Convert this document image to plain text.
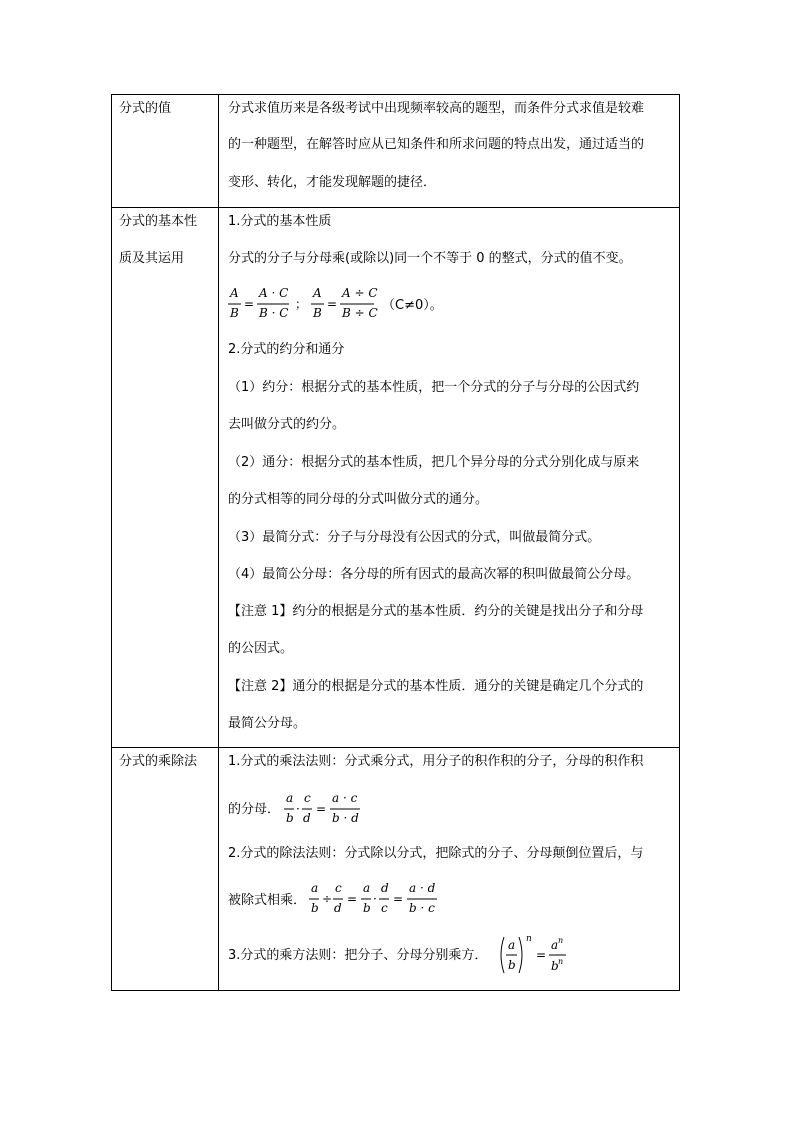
分式的值	分式求值历来是各级考试中出现频率较高的题型，而条件分式求值是较难
的一种题型，在解答时应从已知条件和所求问题的特点出发，通过适当的
变形、转化，才能发现解题的捷径．
分式的基本性
质及其运用
1.分式的基本性质
分式的分子与分母乘(或除以)同一个不等于 0 的整式，分式的值不变。
A
B
=
A · C
B · C
；
A
B
=
A ÷ C
B ÷ C （C≠0）。
2.分式的约分和通分
（1）约分：根据分式的基本性质，把一个分式的分子与分母的公因式约
去叫做分式的约分。
（2）通分：根据分式的基本性质，把几个异分母的分式分别化成与原来
的分式相等的同分母的分式叫做分式的通分。
（3）最简分式：分子与分母没有公因式的分式，叫做最简分式。
（4）最简公分母：各分母的所有因式的最高次幂的积叫做最简公分母。
【注意 1】约分的根据是分式的基本性质．约分的关键是找出分子和分母
的公因式。
【注意 2】通分的根据是分式的基本性质．通分的关键是确定几个分式的
最简公分母。
分式的乘除法 1.分式的乘法法则：分式乘分式，用分子的积作积的分子，分母的积作积
的分母．
a
b
·
c
d
=
a · c
b · d
2.分式的除法法则：分式除以分式，把除式的分子、分母颠倒位置后，与
被除式相乘．
a
b
÷
c
d
=
a
b
·
d
c
=
a · d
b · c
3.分式的乘方法则：把分子、分母分别乘方．
a
b
n
=
a n
b n
